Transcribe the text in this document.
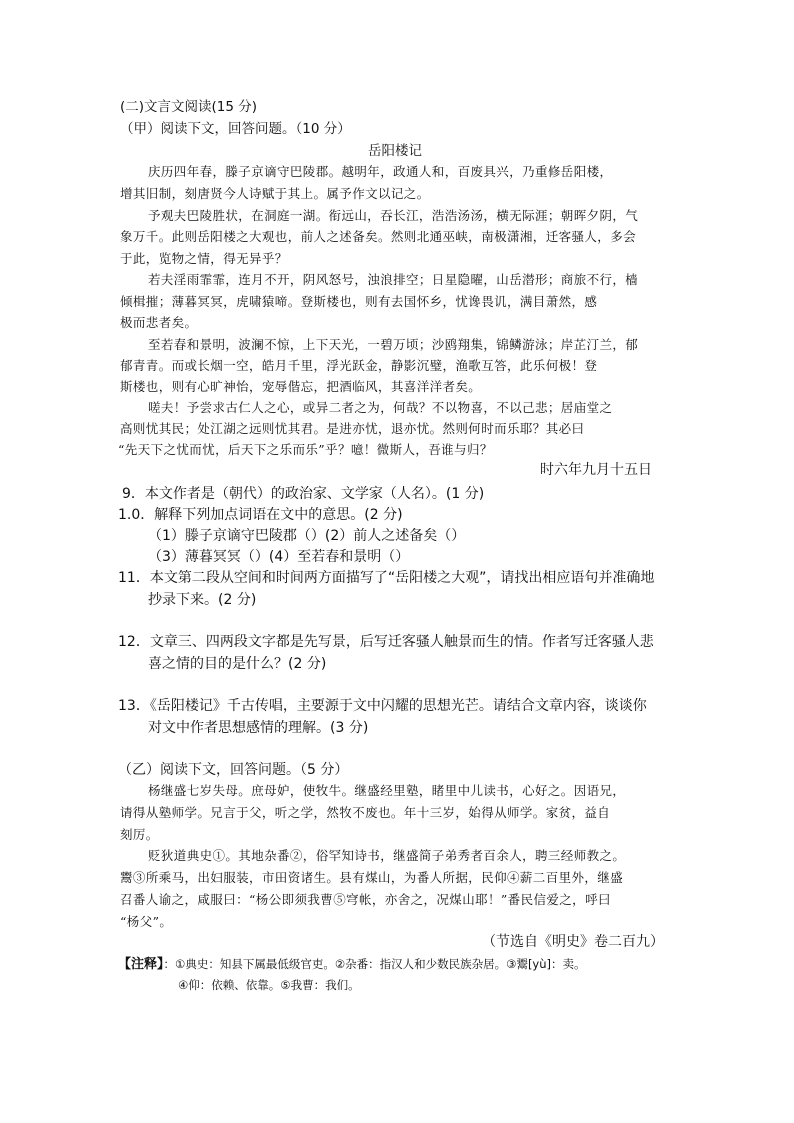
(二)文言文阅读(15 分)
（甲）阅读下文，回答问题。（10 分）
岳阳楼记
庆历四年春，滕子京谪守巴陵郡。越明年，政通人和，百废具兴，乃重修岳阳楼，
增其旧制，刻唐贤今人诗赋于其上。属予作文以记之。
予观夫巴陵胜状，在洞庭一湖。衔远山，吞长江，浩浩汤汤，横无际涯；朝晖夕阴，气
象万千。此则岳阳楼之大观也，前人之述备矣。然则北通巫峡，南极潇湘，迁客骚人，多会
于此，览物之情，得无异乎？
若夫淫雨霏霏，连月不开，阴风怒号，浊浪排空；日星隐曜，山岳潜形；商旅不行，樯
倾楫摧；薄暮冥冥，虎啸猿啼。登斯楼也，则有去国怀乡，忧谗畏讥，满目萧然，感
极而悲者矣。
至若春和景明，波澜不惊，上下天光，一碧万顷；沙鸥翔集，锦鳞游泳；岸芷汀兰，郁
郁青青。而或长烟一空，皓月千里，浮光跃金，静影沉璧，渔歌互答，此乐何极！登
斯楼也，则有心旷神怡，宠辱偕忘，把酒临风，其喜洋洋者矣。
嗟夫！予尝求古仁人之心，或异二者之为，何哉？不以物喜，不以己悲；居庙堂之
高则忧其民；处江湖之远则忧其君。是进亦忧，退亦忧。然则何时而乐耶？其必曰
“先天下之忧而忧，后天下之乐而乐”乎？噫！微斯人，吾谁与归？
时六年九月十五日
9．本文作者是（朝代）的政治家、文学家（人名）。(1 分)
1.0．解释下列加点词语在文中的意思。(2 分)
（1）滕子京谪守巴陵郡（）(2）前人之述备矣（）
（3）薄暮冥冥（）(4）至若春和景明（）
11．本文第二段从空间和时间两方面描写了“岳阳楼之大观”，请找出相应语句并准确地
抄录下来。(2 分)
12．文章三、四两段文字都是先写景，后写迁客骚人触景而生的情。作者写迁客骚人悲
喜之情的目的是什么？(2 分)
13．《岳阳楼记》千古传唱，主要源于文中闪耀的思想光芒。请结合文章内容，谈谈你
对文中作者思想感情的理解。(3 分)
（乙）阅读下文，回答问题。（5 分）
杨继盛七岁失母。庶母妒，使牧牛。继盛经里塾，睹里中儿读书，心好之。因语兄，
请得从塾师学。兄言于父，听之学，然牧不废也。年十三岁，始得从师学。家贫，益自
刻厉。
贬狄道典史①。其地杂番②，俗罕知诗书，继盛简子弟秀者百余人，聘三经师教之。
鬻③所乘马，出妇服装，市田资诸生。县有煤山，为番人所据，民仰④薪二百里外，继盛
召番人谕之，咸服曰：“杨公即须我曹⑤穹帐，亦舍之，况煤山耶！”番民信爱之，呼曰
“杨父”。
（节选自《明史》卷二百九）
【注释】：①典史：知县下属最低级官吏。②杂番：指汉人和少数民族杂居。③鬻[yù]：卖。
④仰：依赖、依靠。⑤我曹：我们。
